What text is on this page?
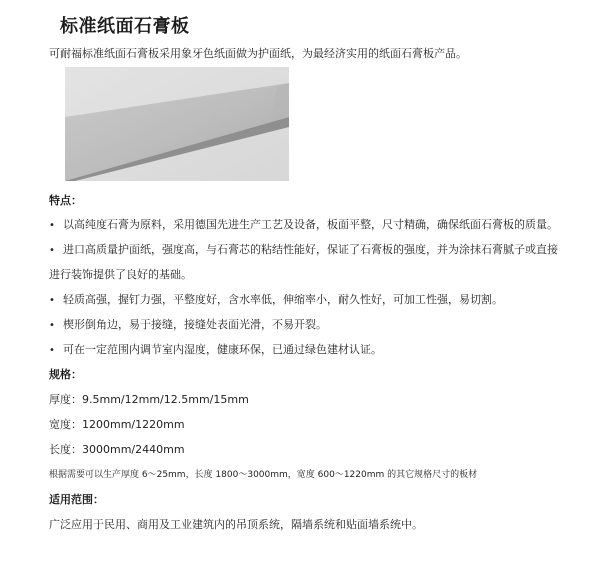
标准纸面石膏板
可耐福标准纸面石膏板采用象牙色纸面做为护面纸，为最经济实用的纸面石膏板产品。
特点：
• 以高纯度石膏为原料，采用德国先进生产工艺及设备，板面平整，尺寸精确，确保纸面石膏板的质量。
• 进口高质量护面纸，强度高，与石膏芯的粘结性能好，保证了石膏板的强度，并为涂抹石膏腻子或直接
进行装饰提供了良好的基础。
• 轻质高强，握钉力强，平整度好，含水率低，伸缩率小，耐久性好，可加工性强，易切割。
• 楔形倒角边，易于接缝，接缝处表面光滑，不易开裂。
• 可在一定范围内调节室内湿度，健康环保，已通过绿色建材认证。
规格：
厚度：9.5mm/12mm/12.5mm/15mm
宽度：1200mm/1220mm
长度：3000mm/2440mm
根据需要可以生产厚度 6～25mm，长度 1800～3000mm，宽度 600～1220mm 的其它规格尺寸的板材
适用范围：
广泛应用于民用、商用及工业建筑内的吊顶系统，隔墙系统和贴面墙系统中。
